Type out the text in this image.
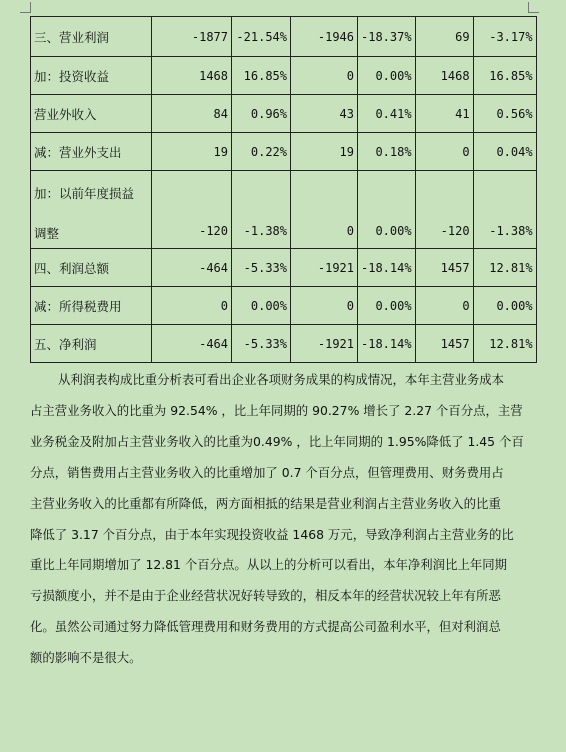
三、营业利润	-1877	-21.54%	-1946	-18.37%	69	-3.17%
加：投资收益	1468	16.85%	0	0.00%	1468	16.85%
营业外收入	84	0.96%	43	0.41%	41	0.56%
减：营业外支出	19	0.22%	19	0.18%	0	0.04%

加：以前年度损益
调整	-120	-1.38%	0	0.00%	-120	-1.38%
四、利润总额	-464	-5.33%	-1921	-18.14%	1457	12.81%
减：所得税费用	0	0.00%	0	0.00%	0	0.00%
五、净利润	-464	-5.33%	-1921	-18.14%	1457	12.81%

从利润表构成比重分析表可看出企业各项财务成果的构成情况，本年主营业务成本
占主营业务收入的比重为 92.54% ，比上年同期的 90.27% 增长了 2.27 个百分点，主营
业务税金及附加占主营业务收入的比重为0.49% ，比上年同期的 1.95%降低了 1.45 个百
分点，销售费用占主营业务收入的比重增加了 0.7 个百分点，但管理费用、财务费用占
主营业务收入的比重都有所降低，两方面相抵的结果是营业利润占主营业务收入的比重
降低了 3.17 个百分点，由于本年实现投资收益 1468 万元，导致净利润占主营业务的比
重比上年同期增加了 12.81 个百分点。从以上的分析可以看出，本年净利润比上年同期
亏损额度小，并不是由于企业经营状况好转导致的，相反本年的经营状况较上年有所恶
化。虽然公司通过努力降低管理费用和财务费用的方式提高公司盈利水平，但对利润总
额的影响不是很大。
